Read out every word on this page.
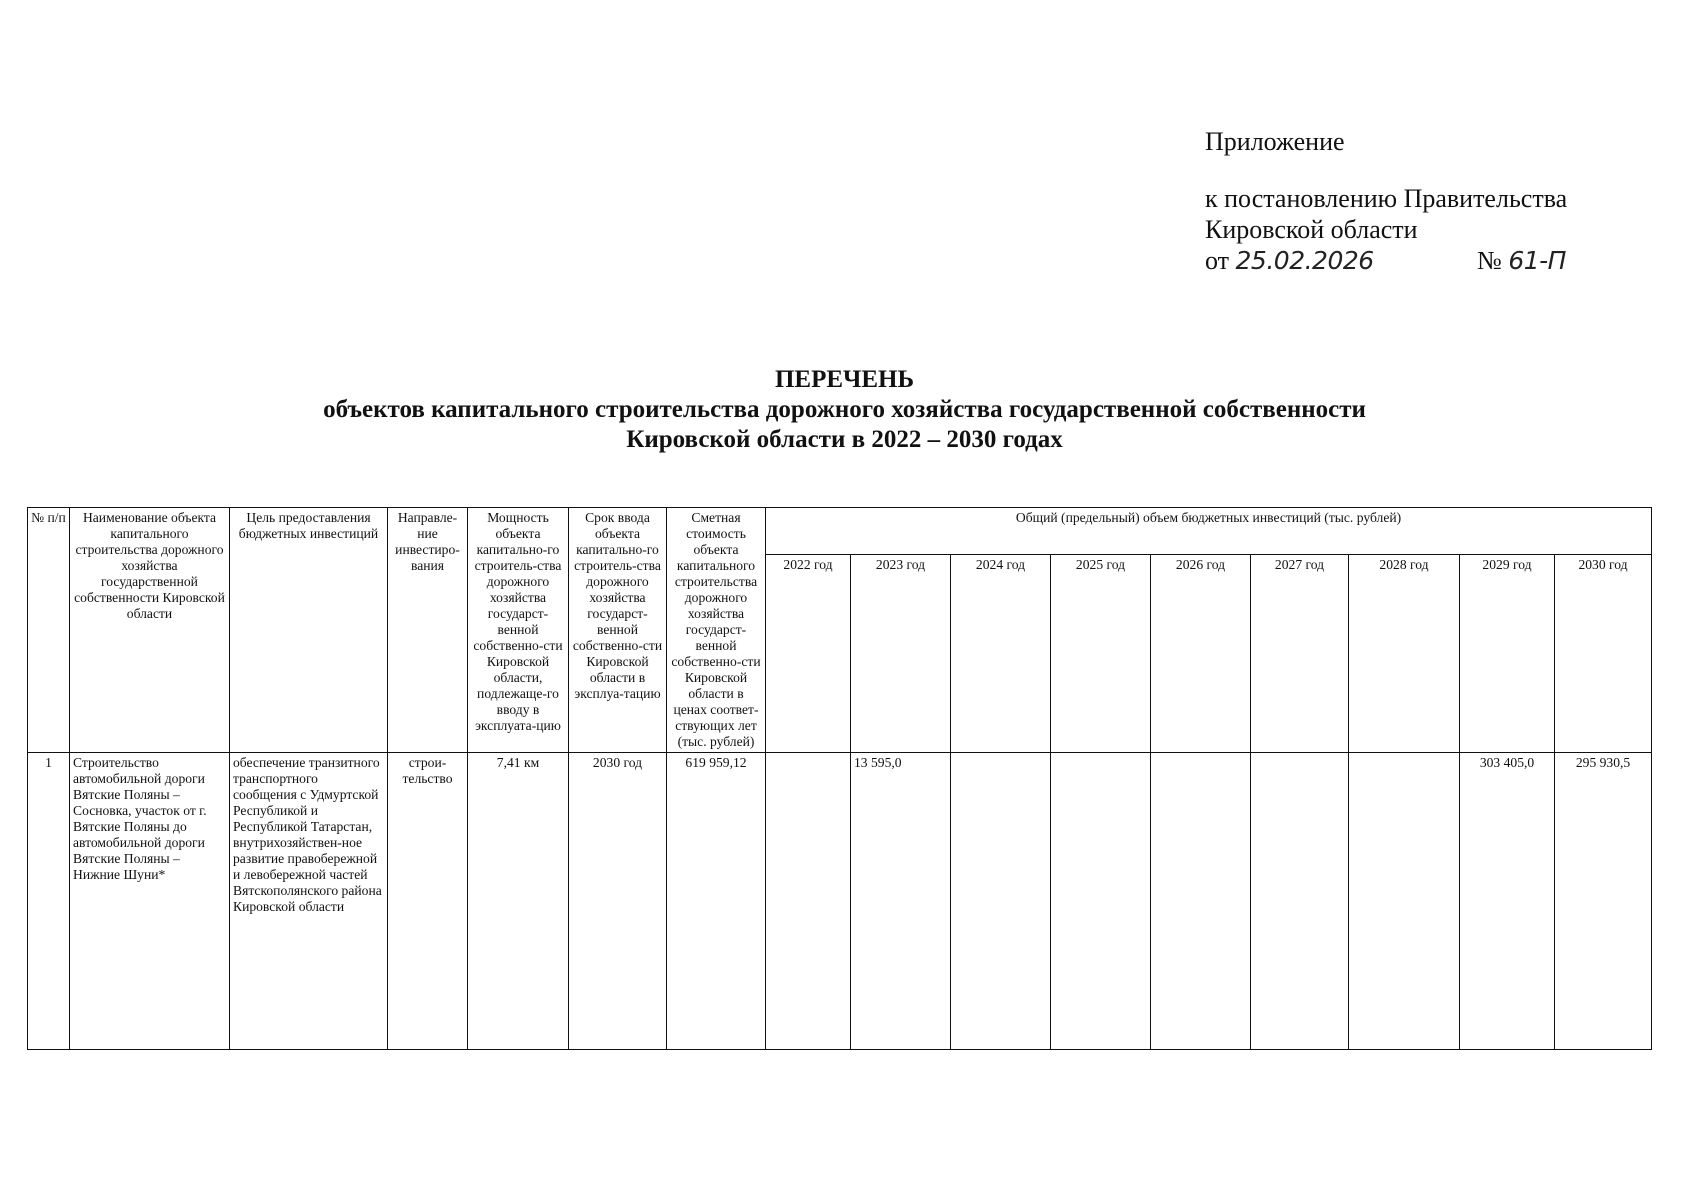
Приложение
к постановлению Правительства
Кировской области
от 25.02.2026	№ 61-П
ПЕРЕЧЕНЬ
объектов капитального строительства дорожного хозяйства государственной собственности
Кировской области в 2022 – 2030 годах
№ п/п	Наименование объекта капитального строительства дорожного хозяйства государственной собственности Кировской области	Цель предоставления бюджетных инвестиций	Направле-ние инвестиро-вания	Мощность объекта капитально-го строитель-ства дорожного хозяйства государст-венной собственно-сти Кировской области, подлежаще-го вводу в эксплуата-цию	Срок ввода объекта капитально-го строитель-ства дорожного хозяйства государст-венной собственно-сти Кировской области в эксплуа-тацию	Сметная стоимость объекта капитального строительства дорожного хозяйства государст-венной собственно-сти Кировской области в ценах соответ-ствующих лет (тыс. рублей)	Общий (предельный) объем бюджетных инвестиций (тыс. рублей)								
							2022 год	2023 год	2024 год	2025 год	2026 год	2027 год	2028 год	2029 год	2030 год
1	Строительство автомобильной дороги Вятские Поляны – Сосновка, участок от г. Вятские Поляны до автомобильной дороги Вятские Поляны – Нижние Шуни*	обеспечение транзитного транспортного сообщения с Удмуртской Республикой и Республикой Татарстан, внутрихозяйствен-ное развитие правобережной и левобережной частей Вятскополянского района Кировской области	строи-тельство	7,41 км	2030 год	619 959,12		13 595,0						303 405,0	295 930,5
